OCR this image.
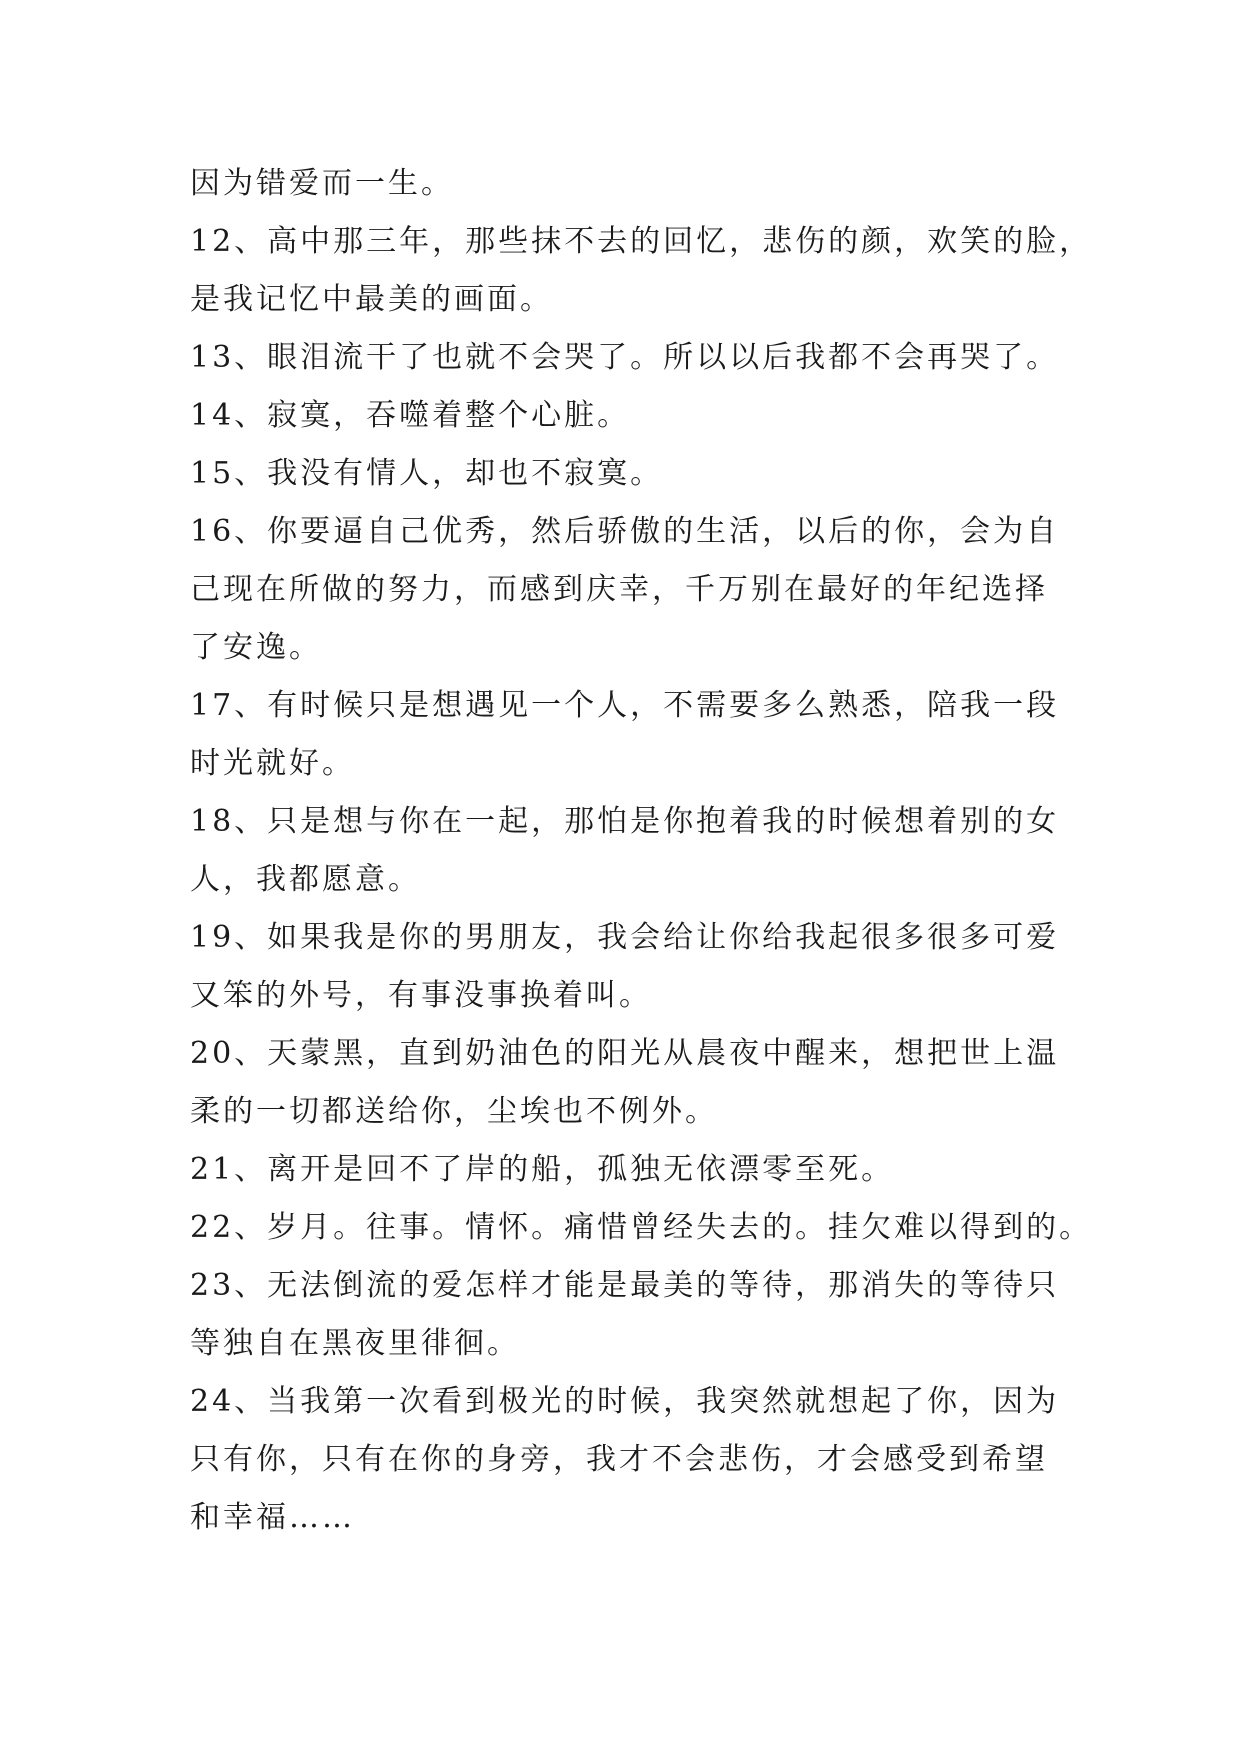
因为错爱而一生。
12、高中那三年，那些抹不去的回忆，悲伤的颜，欢笑的脸，
是我记忆中最美的画面。
13、眼泪流干了也就不会哭了。所以以后我都不会再哭了。
14、寂寞，吞噬着整个心脏。
15、我没有情人，却也不寂寞。
16、你要逼自己优秀，然后骄傲的生活，以后的你，会为自
己现在所做的努力，而感到庆幸，千万别在最好的年纪选择
了安逸。
17、有时候只是想遇见一个人，不需要多么熟悉，陪我一段
时光就好。
18、只是想与你在一起，那怕是你抱着我的时候想着别的女
人，我都愿意。
19、如果我是你的男朋友，我会给让你给我起很多很多可爱
又笨的外号，有事没事换着叫。
20、天蒙黑，直到奶油色的阳光从晨夜中醒来，想把世上温
柔的一切都送给你，尘埃也不例外。
21、离开是回不了岸的船，孤独无依漂零至死。
22、岁月。往事。情怀。痛惜曾经失去的。挂欠难以得到的。
23、无法倒流的爱怎样才能是最美的等待，那消失的等待只
等独自在黑夜里徘徊。
24、当我第一次看到极光的时候，我突然就想起了你，因为
只有你，只有在你的身旁，我才不会悲伤，才会感受到希望
和幸福……
